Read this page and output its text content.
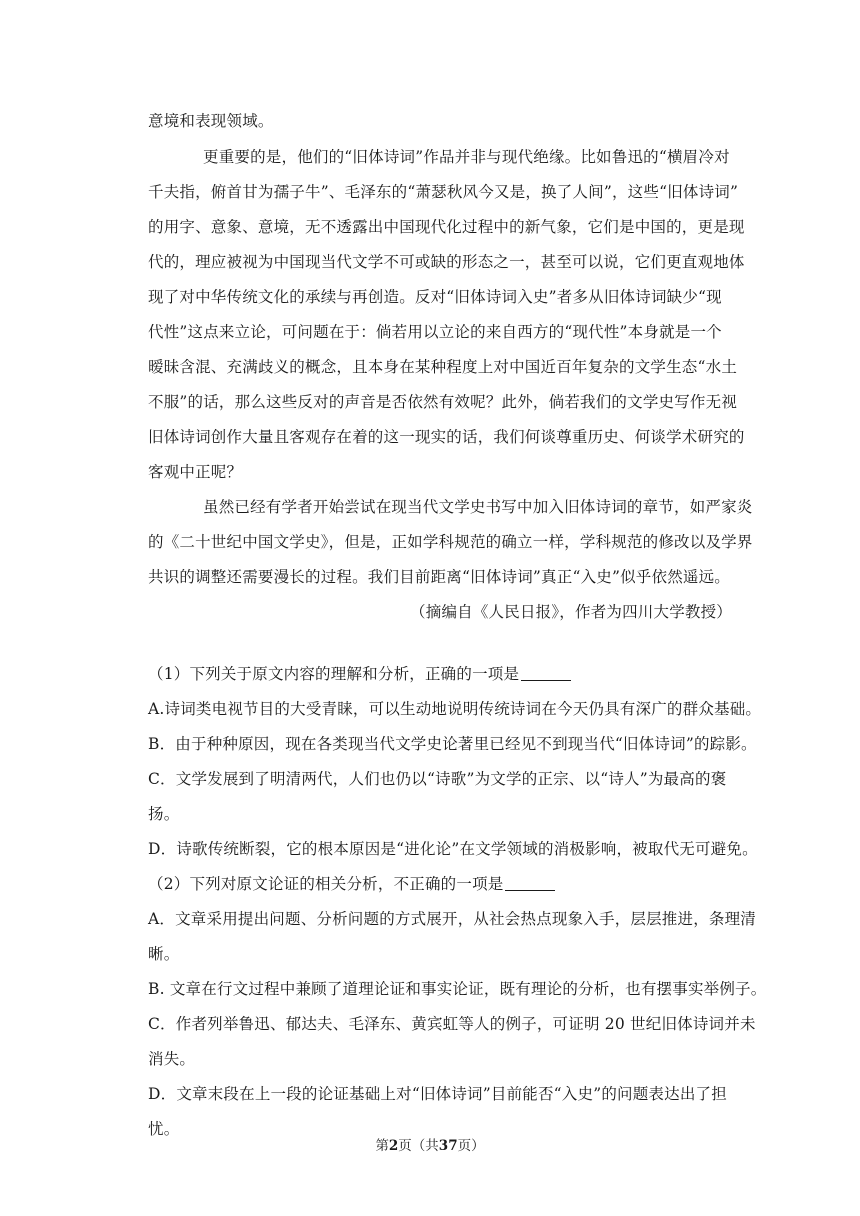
意境和表现领域。
更重要的是，他们的“旧体诗词”作品并非与现代绝缘。比如鲁迅的“横眉冷对
千夫指，俯首甘为孺子牛”、毛泽东的“萧瑟秋风今又是，换了人间”，这些“旧体诗词”
的用字、意象、意境，无不透露出中国现代化过程中的新气象，它们是中国的，更是现
代的，理应被视为中国现当代文学不可或缺的形态之一，甚至可以说，它们更直观地体
现了对中华传统文化的承续与再创造。反对“旧体诗词入史”者多从旧体诗词缺少“现
代性”这点来立论，可问题在于：倘若用以立论的来自西方的“现代性”本身就是一个
暧昧含混、充满歧义的概念，且本身在某种程度上对中国近百年复杂的文学生态“水土
不服”的话，那么这些反对的声音是否依然有效呢？此外，倘若我们的文学史写作无视
旧体诗词创作大量且客观存在着的这一现实的话，我们何谈尊重历史、何谈学术研究的
客观中正呢？
虽然已经有学者开始尝试在现当代文学史书写中加入旧体诗词的章节，如严家炎
的《二十世纪中国文学史》，但是，正如学科规范的确立一样，学科规范的修改以及学界
共识的调整还需要漫长的过程。我们目前距离“旧体诗词”真正“入史”似乎依然遥远。
（摘编自《人民日报》，作者为四川大学教授）
（1）下列关于原文内容的理解和分析，正确的一项是
A.诗词类电视节目的大受青睐，可以生动地说明传统诗词在今天仍具有深广的群众基础。
B．由于种种原因，现在各类现当代文学史论著里已经见不到现当代“旧体诗词”的踪影。
C．文学发展到了明清两代，人们也仍以“诗歌”为文学的正宗、以“诗人”为最高的褒
扬。
D．诗歌传统断裂，它的根本原因是“进化论”在文学领域的消极影响，被取代无可避免。
（2）下列对原文论证的相关分析，不正确的一项是
A．文章采用提出问题、分析问题的方式展开，从社会热点现象入手，层层推进，条理清
晰。
B. 文章在行文过程中兼顾了道理论证和事实论证，既有理论的分析，也有摆事实举例子。
C．作者列举鲁迅、郁达夫、毛泽东、黄宾虹等人的例子，可证明 20 世纪旧体诗词并未
消失。
D．文章末段在上一段的论证基础上对“旧体诗词”目前能否“入史”的问题表达出了担
忧。
第2页（共37页）
